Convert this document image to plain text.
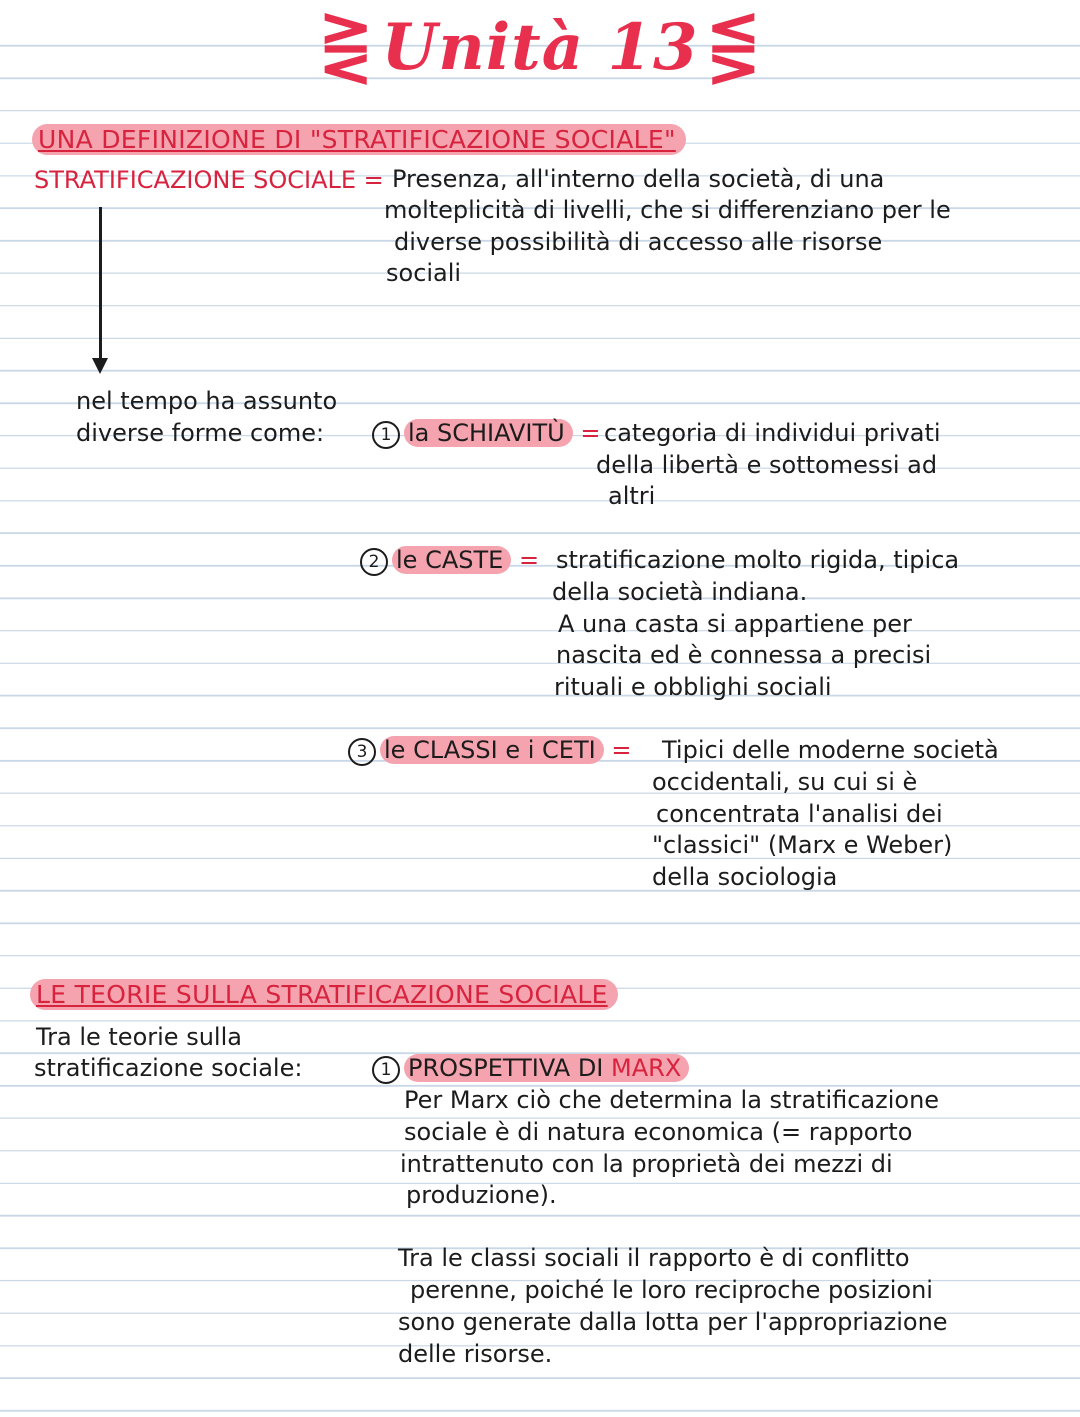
⋛ Unità 13 ⋚
UNA DEFINIZIONE DI "STRATIFICAZIONE SOCIALE"
STRATIFICAZIONE SOCIALE = Presenza, all'interno della società, di una
molteplicità di livelli, che si differenziano per le
diverse possibilità di accesso alle risorse
sociali
nel tempo ha assunto
diverse forme come:	1 la SCHIAVITÙ = categoria di individui privati
della libertà e sottomessi ad
altri
2 le CASTE = stratificazione molto rigida, tipica
della società indiana.
A una casta si appartiene per
nascita ed è connessa a precisi
rituali e obblighi sociali
3 le CLASSI e i CETI = Tipici delle moderne società
occidentali, su cui si è
concentrata l'analisi dei
"classici" (Marx e Weber)
della sociologia
LE TEORIE SULLA STRATIFICAZIONE SOCIALE
Tra le teorie sulla
stratificazione sociale:	1 PROSPETTIVA DI MARX
Per Marx ciò che determina la stratificazione
sociale è di natura economica (= rapporto
intrattenuto con la proprietà dei mezzi di
produzione).
Tra le classi sociali il rapporto è di conflitto
perenne, poiché le loro reciproche posizioni
sono generate dalla lotta per l'appropriazione
delle risorse.
